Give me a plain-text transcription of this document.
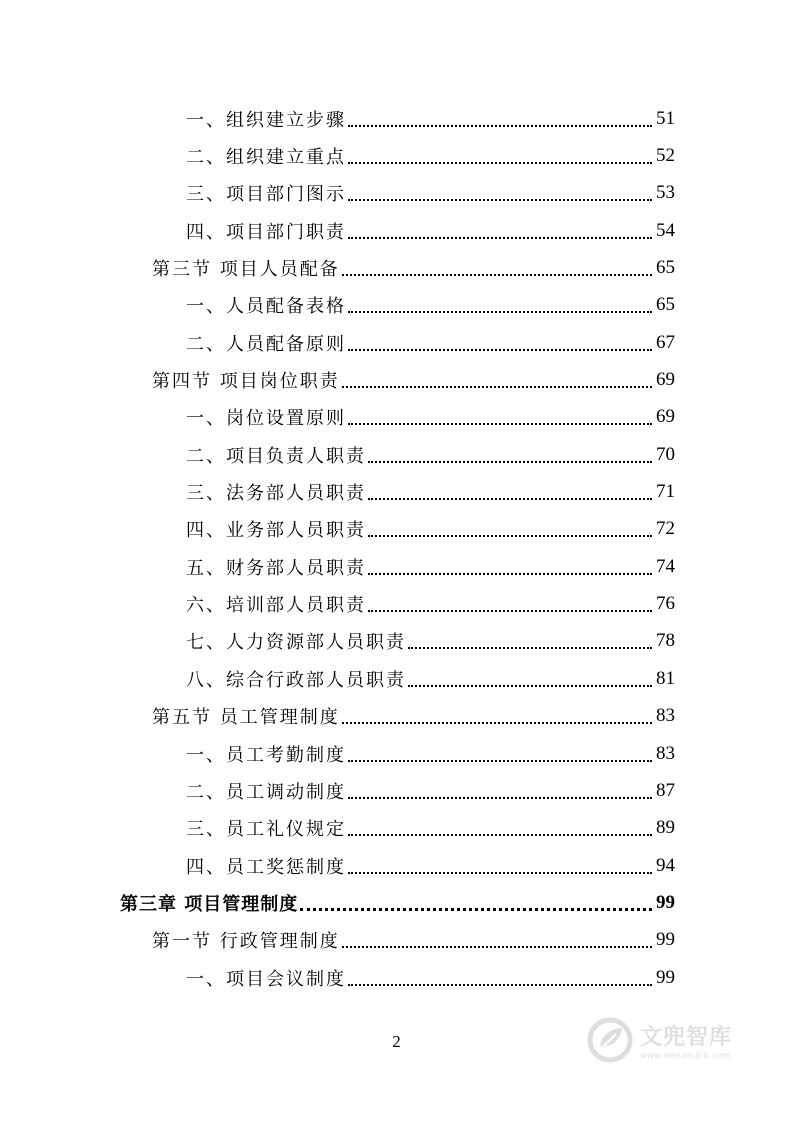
一、组织建立步骤	51
二、组织建立重点	52
三、项目部门图示	53
四、项目部门职责	54
第三节 项目人员配备	65
一、人员配备表格	65
二、人员配备原则	67
第四节 项目岗位职责	69
一、岗位设置原则	69
二、项目负责人职责	70
三、法务部人员职责	71
四、业务部人员职责	72
五、财务部人员职责	74
六、培训部人员职责	76
七、人力资源部人员职责	78
八、综合行政部人员职责	81
第五节 员工管理制度	83
一、员工考勤制度	83
二、员工调动制度	87
三、员工礼仪规定	89
四、员工奖惩制度	94
第三章 项目管理制度	99
第一节 行政管理制度	99
一、项目会议制度	99
2	文兜智库
www.wendoulib.com
